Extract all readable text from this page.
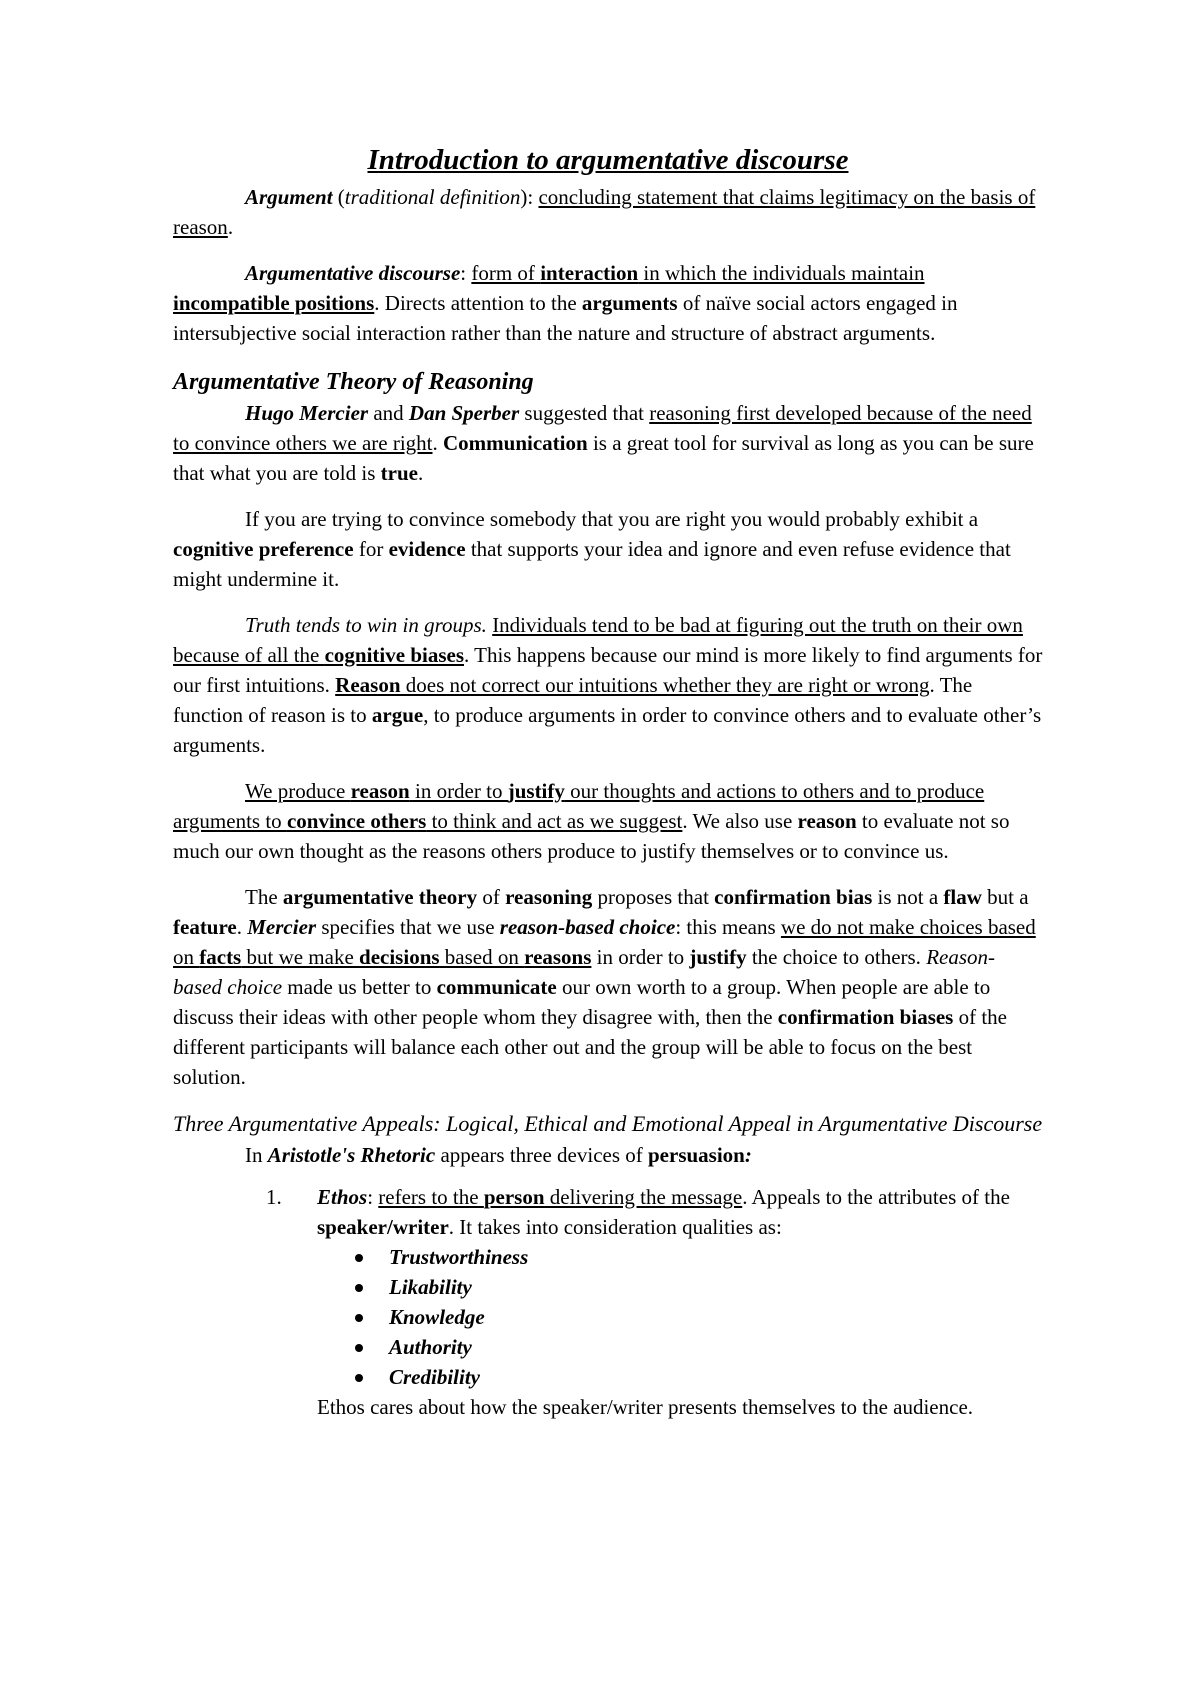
Introduction to argumentative discourse

Argument (traditional definition): concluding statement that claims legitimacy on the basis of reason.

Argumentative discourse: form of interaction in which the individuals maintain incompatible positions. Directs attention to the arguments of naïve social actors engaged in intersubjective social interaction rather than the nature and structure of abstract arguments.

Argumentative Theory of Reasoning

Hugo Mercier and Dan Sperber suggested that reasoning first developed because of the need to convince others we are right. Communication is a great tool for survival as long as you can be sure that what you are told is true.

If you are trying to convince somebody that you are right you would probably exhibit a cognitive preference for evidence that supports your idea and ignore and even refuse evidence that might undermine it.

Truth tends to win in groups. Individuals tend to be bad at figuring out the truth on their own because of all the cognitive biases. This happens because our mind is more likely to find arguments for our first intuitions. Reason does not correct our intuitions whether they are right or wrong. The function of reason is to argue, to produce arguments in order to convince others and to evaluate other’s arguments.

We produce reason in order to justify our thoughts and actions to others and to produce arguments to convince others to think and act as we suggest. We also use reason to evaluate not so much our own thought as the reasons others produce to justify themselves or to convince us.

The argumentative theory of reasoning proposes that confirmation bias is not a flaw but a feature. Mercier specifies that we use reason-based choice: this means we do not make choices based on facts but we make decisions based on reasons in order to justify the choice to others. Reason-based choice made us better to communicate our own worth to a group. When people are able to discuss their ideas with other people whom they disagree with, then the confirmation biases of the different participants will balance each other out and the group will be able to focus on the best solution.

Three Argumentative Appeals: Logical, Ethical and Emotional Appeal in Argumentative Discourse

In Aristotle's Rhetoric appears three devices of persuasion:

1. Ethos: refers to the person delivering the message. Appeals to the attributes of the speaker/writer. It takes into consideration qualities as:

Trustworthiness
Likability
Knowledge
Authority
Credibility

Ethos cares about how the speaker/writer presents themselves to the audience.
